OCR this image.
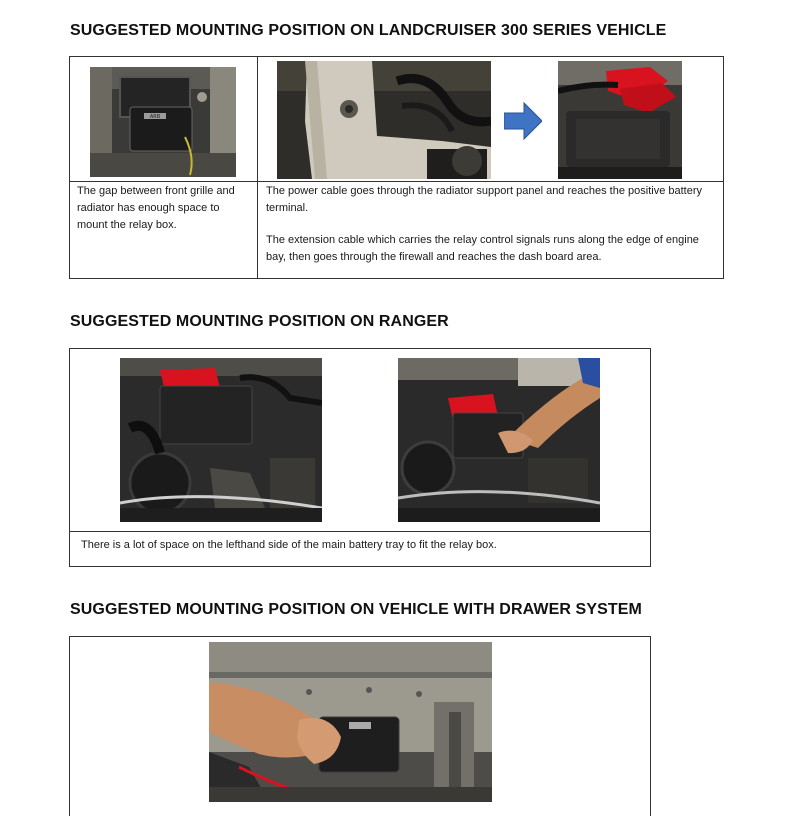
SUGGESTED MOUNTING POSITION ON LANDCRUISER 300 SERIES VEHICLE
ARB
The gap between front grille and radiator has enough space to mount the relay box.
The power cable goes through the radiator support panel and reaches the positive battery terminal.
The extension cable which carries the relay control signals runs along the edge of engine bay, then goes through the firewall and reaches the dash board area.
SUGGESTED MOUNTING POSITION ON RANGER
There is a lot of space on the lefthand side of the main battery tray to fit the relay box.
SUGGESTED MOUNTING POSITION ON VEHICLE WITH DRAWER SYSTEM
